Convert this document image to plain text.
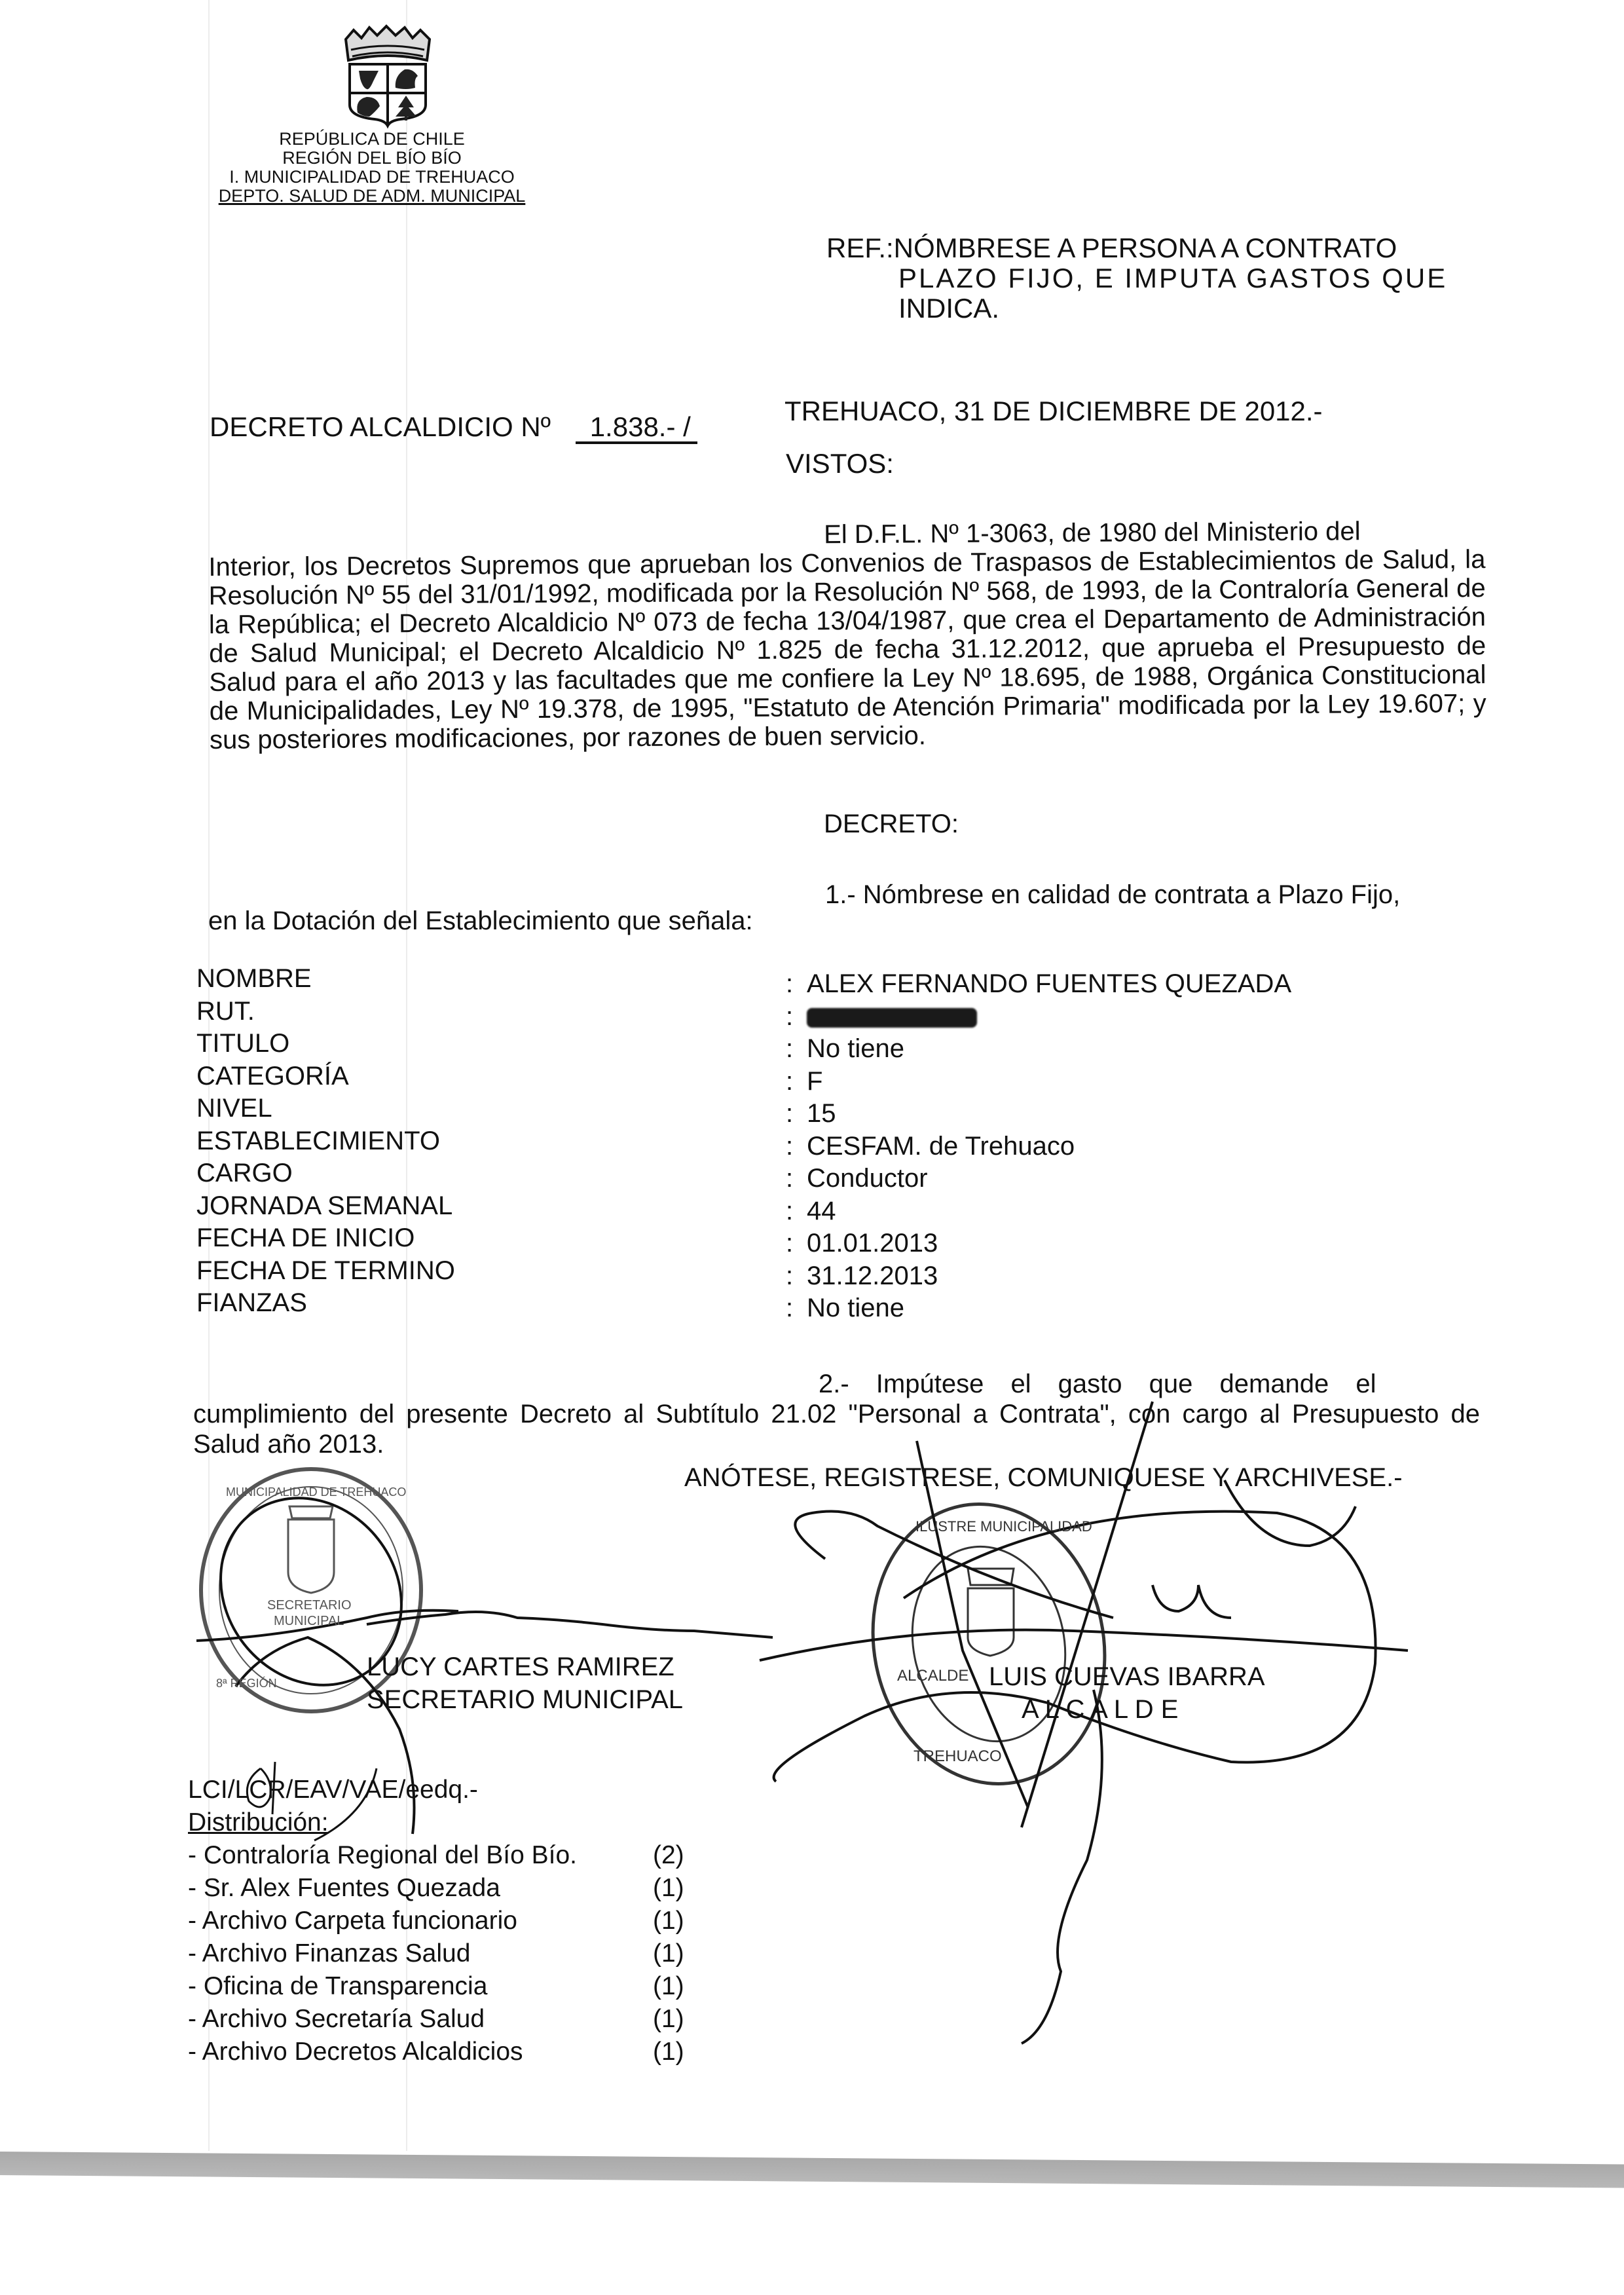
REPÚBLICA DE CHILE
REGIÓN DEL BÍO BÍO
I. MUNICIPALIDAD DE TREHUACO
DEPTO. SALUD DE ADM. MUNICIPAL
REF.:NÓMBRESE A PERSONA A CONTRATO
PLAZO FIJO, E IMPUTA GASTOS QUE
INDICA.
DECRETO ALCALDICIO Nº 1.838.- /
TREHUACO, 31 DE DICIEMBRE DE 2012.-
VISTOS:
El D.F.L. Nº 1-3063, de 1980 del Ministerio del
Interior, los Decretos Supremos que aprueban los Convenios de Traspasos de Establecimientos de Salud, la Resolución Nº 55 del 31/01/1992, modificada por la Resolución Nº 568, de 1993, de la Contraloría General de la República; el Decreto Alcaldicio Nº 073 de fecha 13/04/1987, que crea el Departamento de Administración de Salud Municipal; el Decreto Alcaldicio Nº 1.825 de fecha 31.12.2012, que aprueba el Presupuesto de Salud para el año 2013 y las facultades que me confiere la Ley Nº 18.695, de 1988, Orgánica Constitucional de Municipalidades, Ley Nº 19.378, de 1995, "Estatuto de Atención Primaria" modificada por la Ley 19.607; y sus posteriores modificaciones, por razones de buen servicio.
DECRETO:
1.- Nómbrese en calidad de contrata a Plazo Fijo,
en la Dotación del Establecimiento que señala:
NOMBRE	: ALEX FERNANDO FUENTES QUEZADA
RUT.	:
TITULO	: No tiene
CATEGORÍA	: F
NIVEL	: 15
ESTABLECIMIENTO	: CESFAM. de Trehuaco
CARGO	: Conductor
JORNADA SEMANAL	: 44
FECHA DE INICIO	: 01.01.2013
FECHA DE TERMINO	: 31.12.2013
FIANZAS	: No tiene
2.- Impútese el gasto que demande el
cumplimiento del presente Decreto al Subtítulo 21.02 "Personal a Contrata", con cargo al Presupuesto de Salud año 2013.
ANÓTESE, REGISTRESE, COMUNIQUESE Y ARCHIVESE.-
MUNICIPALIDAD DE TREHUACO
SECRETARIO
MUNICIPAL
8ª REGIÓN
ILUSTRE MUNICIPALIDAD
ALCALDE
TREHUACO
LUCY CARTES RAMIREZ
SECRETARIO MUNICIPAL
LUIS CUEVAS IBARRA
A L C A L D E
LCI/LCR/EAV/VAE/eedq.-
Distribución:
- Contraloría Regional del Bío Bío.	(2)
- Sr. Alex Fuentes Quezada	(1)
- Archivo Carpeta funcionario	(1)
- Archivo Finanzas Salud	(1)
- Oficina de Transparencia	(1)
- Archivo Secretaría Salud	(1)
- Archivo Decretos Alcaldicios	(1)
